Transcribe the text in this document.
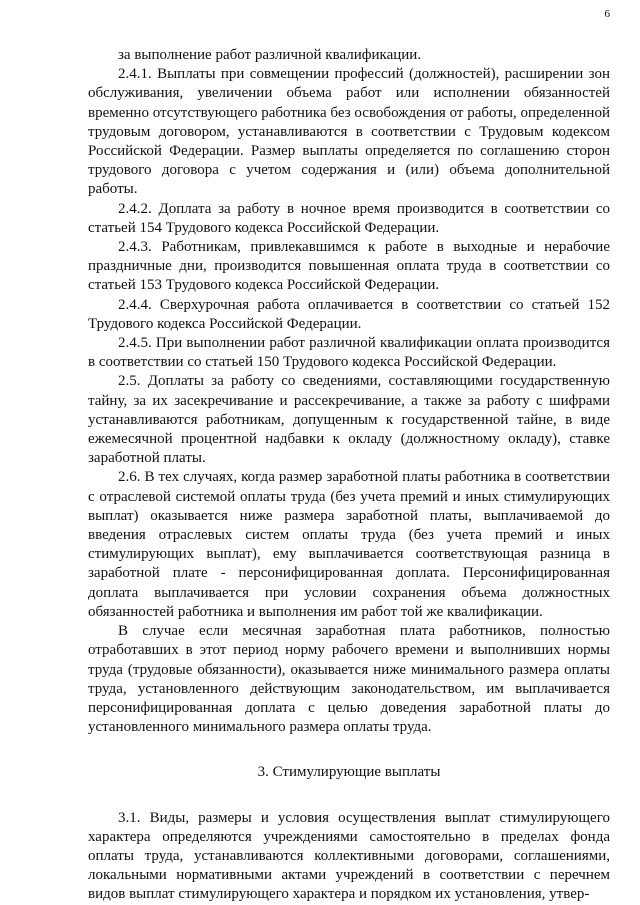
6

за выполнение работ различной квалификации.

2.4.1. Выплаты при совмещении профессий (должностей), расширении зон обслуживания, увеличении объема работ или исполнении обязанностей временно отсутствующего работника без освобождения от работы, определенной трудовым договором, устанавливаются в соответствии с Трудовым кодексом Российской Федерации. Размер выплаты определяется по соглашению сторон трудового договора с учетом содержания и (или) объема дополнительной работы.

2.4.2. Доплата за работу в ночное время производится в соответствии со статьей 154 Трудового кодекса Российской Федерации.

2.4.3. Работникам, привлекавшимся к работе в выходные и нерабочие праздничные дни, производится повышенная оплата труда в соответствии со статьей 153 Трудового кодекса Российской Федерации.

2.4.4. Сверхурочная работа оплачивается в соответствии со статьей 152 Трудового кодекса Российской Федерации.

2.4.5. При выполнении работ различной квалификации оплата производится в соответствии со статьей 150 Трудового кодекса Российской Федерации.

2.5. Доплаты за работу со сведениями, составляющими государственную тайну, за их засекречивание и рассекречивание, а также за работу с шифрами устанавливаются работникам, допущенным к государственной тайне, в виде ежемесячной процентной надбавки к окладу (должностному окладу), ставке заработной платы.

2.6. В тех случаях, когда размер заработной платы работника в соответствии с отраслевой системой оплаты труда (без учета премий и иных стимулирующих выплат) оказывается ниже размера заработной платы, выплачиваемой до введения отраслевых систем оплаты труда (без учета премий и иных стимулирующих выплат), ему выплачивается соответствующая разница в заработной плате - персонифицированная доплата. Персонифицированная доплата выплачивается при условии сохранения объема должностных обязанностей работника и выполнения им работ той же квалификации.

В случае если месячная заработная плата работников, полностью отработавших в этот период норму рабочего времени и выполнивших нормы труда (трудовые обязанности), оказывается ниже минимального размера оплаты труда, установленного действующим законодательством, им выплачивается персонифицированная доплата с целью доведения заработной платы до установленного минимального размера оплаты труда.

3. Стимулирующие выплаты

3.1. Виды, размеры и условия осуществления выплат стимулирующего характера определяются учреждениями самостоятельно в пределах фонда оплаты труда, устанавливаются коллективными договорами, соглашениями, локальными нормативными актами учреждений в соответствии с перечнем видов выплат стимулирующего характера и порядком их установления, утвер-
